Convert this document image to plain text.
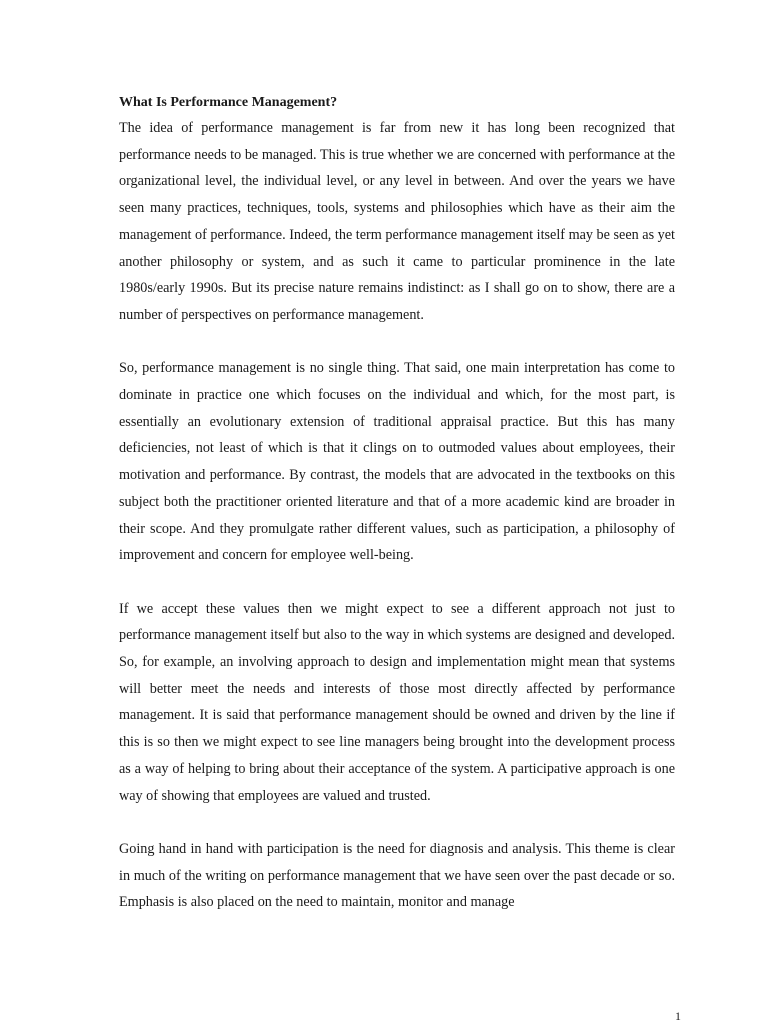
What Is Performance Management?

The idea of performance management is far from new it has long been recognized that performance needs to be managed. This is true whether we are concerned with performance at the organizational level, the individual level, or any level in between. And over the years we have seen many practices, techniques, tools, systems and philosophies which have as their aim the management of performance. Indeed, the term performance management itself may be seen as yet another philosophy or system, and as such it came to particular prominence in the late 1980s/early 1990s. But its precise nature remains indistinct: as I shall go on to show, there are a number of perspectives on performance management.

So, performance management is no single thing. That said, one main interpretation has come to dominate in practice one which focuses on the individual and which, for the most part, is essentially an evolutionary extension of traditional appraisal practice. But this has many deficiencies, not least of which is that it clings on to outmoded values about employees, their motivation and performance. By contrast, the models that are advocated in the textbooks on this subject both the practitioner oriented literature and that of a more academic kind are broader in their scope. And they promulgate rather different values, such as participation, a philosophy of improvement and concern for employee well-being.

If we accept these values then we might expect to see a different approach not just to performance management itself but also to the way in which systems are designed and developed. So, for example, an involving approach to design and implementation might mean that systems will better meet the needs and interests of those most directly affected by performance management. It is said that performance management should be owned and driven by the line if this is so then we might expect to see line managers being brought into the development process as a way of helping to bring about their acceptance of the system. A participative approach is one way of showing that employees are valued and trusted.

Going hand in hand with participation is the need for diagnosis and analysis. This theme is clear in much of the writing on performance management that we have seen over the past decade or so. Emphasis is also placed on the need to maintain, monitor and manage

1
